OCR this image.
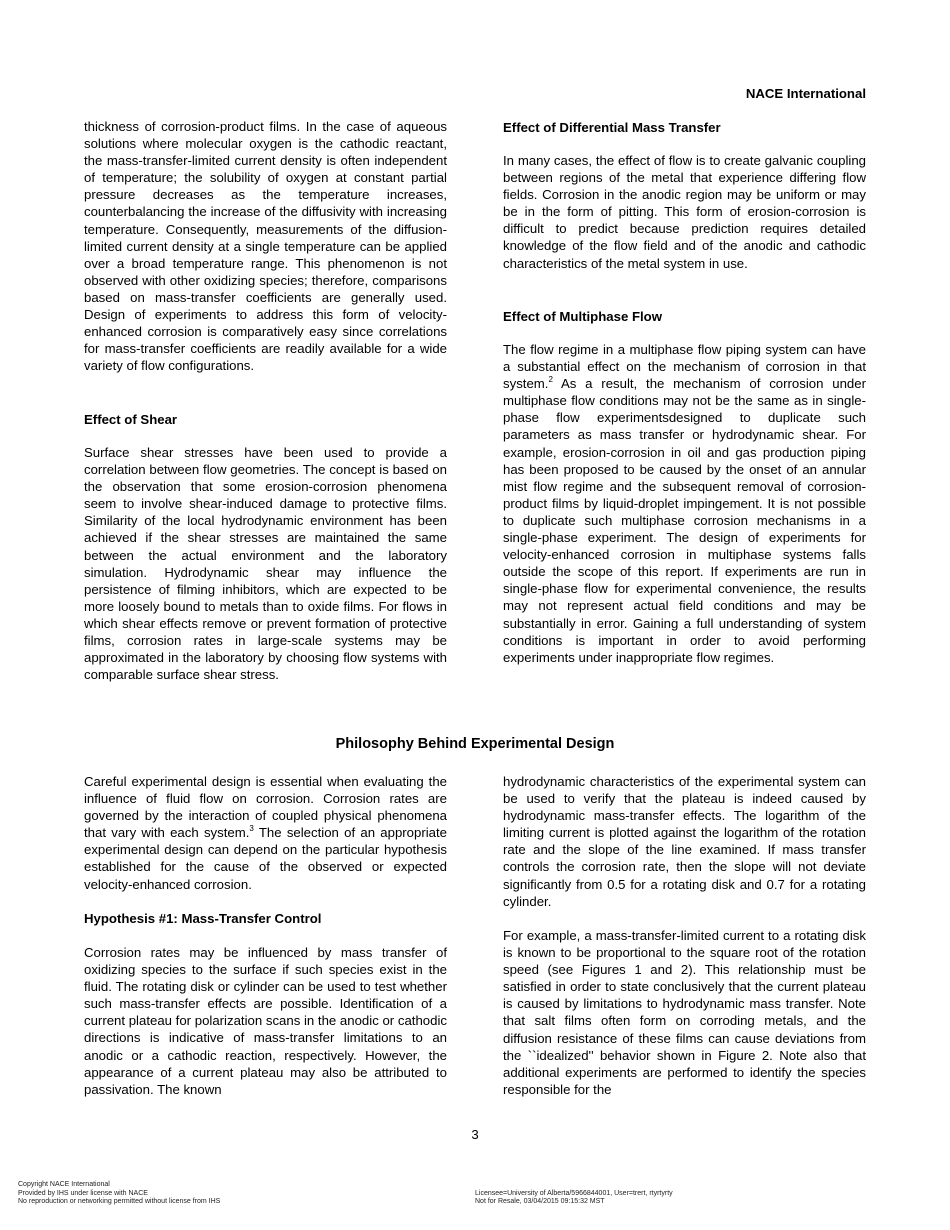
NACE International
thickness of corrosion-product films. In the case of aqueous solutions where molecular oxygen is the cathodic reactant, the mass-transfer-limited current density is often independent of temperature; the solubility of oxygen at constant partial pressure decreases as the temperature increases, counterbalancing the increase of the diffusivity with increasing temperature. Consequently, measurements of the diffusion-limited current density at a single temperature can be applied over a broad temperature range. This phenomenon is not observed with other oxidizing species; therefore, comparisons based on mass-transfer coefficients are generally used. Design of experiments to address this form of velocity-enhanced corrosion is comparatively easy since correlations for mass-transfer coefficients are readily available for a wide variety of flow configurations.
Effect of Shear
Surface shear stresses have been used to provide a correlation between flow geometries. The concept is based on the observation that some erosion-corrosion phenomena seem to involve shear-induced damage to protective films. Similarity of the local hydrodynamic environment has been achieved if the shear stresses are maintained the same between the actual environment and the laboratory simulation. Hydrodynamic shear may influence the persistence of filming inhibitors, which are expected to be more loosely bound to metals than to oxide films. For flows in which shear effects remove or prevent formation of protective films, corrosion rates in large-scale systems may be approximated in the laboratory by choosing flow systems with comparable surface shear stress.
Effect of Differential Mass Transfer
In many cases, the effect of flow is to create galvanic coupling between regions of the metal that experience differing flow fields. Corrosion in the anodic region may be uniform or may be in the form of pitting. This form of erosion-corrosion is difficult to predict because prediction requires detailed knowledge of the flow field and of the anodic and cathodic characteristics of the metal system in use.
Effect of Multiphase Flow
The flow regime in a multiphase flow piping system can have a substantial effect on the mechanism of corrosion in that system.$^2$ As a result, the mechanism of corrosion under multiphase flow conditions may not be the same as in single-phase flow experimentsdesigned to duplicate such parameters as mass transfer or hydrodynamic shear. For example, erosion-corrosion in oil and gas production piping has been proposed to be caused by the onset of an annular mist flow regime and the subsequent removal of corrosion-product films by liquid-droplet impingement. It is not possible to duplicate such multiphase corrosion mechanisms in a single-phase experiment. The design of experiments for velocity-enhanced corrosion in multiphase systems falls outside the scope of this report. If experiments are run in single-phase flow for experimental convenience, the results may not represent actual field conditions and may be substantially in error. Gaining a full understanding of system conditions is important in order to avoid performing experiments under inappropriate flow regimes.
Philosophy Behind Experimental Design
Careful experimental design is essential when evaluating the influence of fluid flow on corrosion. Corrosion rates are governed by the interaction of coupled physical phenomena that vary with each system.$^3$ The selection of an appropriate experimental design can depend on the particular hypothesis established for the cause of the observed or expected velocity-enhanced corrosion.
Hypothesis #1: Mass-Transfer Control
Corrosion rates may be influenced by mass transfer of oxidizing species to the surface if such species exist in the fluid. The rotating disk or cylinder can be used to test whether such mass-transfer effects are possible. Identification of a current plateau for polarization scans in the anodic or cathodic directions is indicative of mass-transfer limitations to an anodic or a cathodic reaction, respectively. However, the appearance of a current plateau may also be attributed to passivation. The known
hydrodynamic characteristics of the experimental system can be used to verify that the plateau is indeed caused by hydrodynamic mass-transfer effects. The logarithm of the limiting current is plotted against the logarithm of the rotation rate and the slope of the line examined. If mass transfer controls the corrosion rate, then the slope will not deviate significantly from 0.5 for a rotating disk and 0.7 for a rotating cylinder.
For example, a mass-transfer-limited current to a rotating disk is known to be proportional to the square root of the rotation speed (see Figures 1 and 2). This relationship must be satisfied in order to state conclusively that the current plateau is caused by limitations to hydrodynamic mass transfer. Note that salt films often form on corroding metals, and the diffusion resistance of these films can cause deviations from the ``idealized'' behavior shown in Figure 2. Note also that additional experiments are performed to identify the species responsible for the
3
Copyright NACE International
Provided by IHS under license with NACE
No reproduction or networking permitted without license from IHS
Licensee=University of Alberta/5966844001, User=trert, rtyrtyrty
Not for Resale, 03/04/2015 09:15:32 MST
